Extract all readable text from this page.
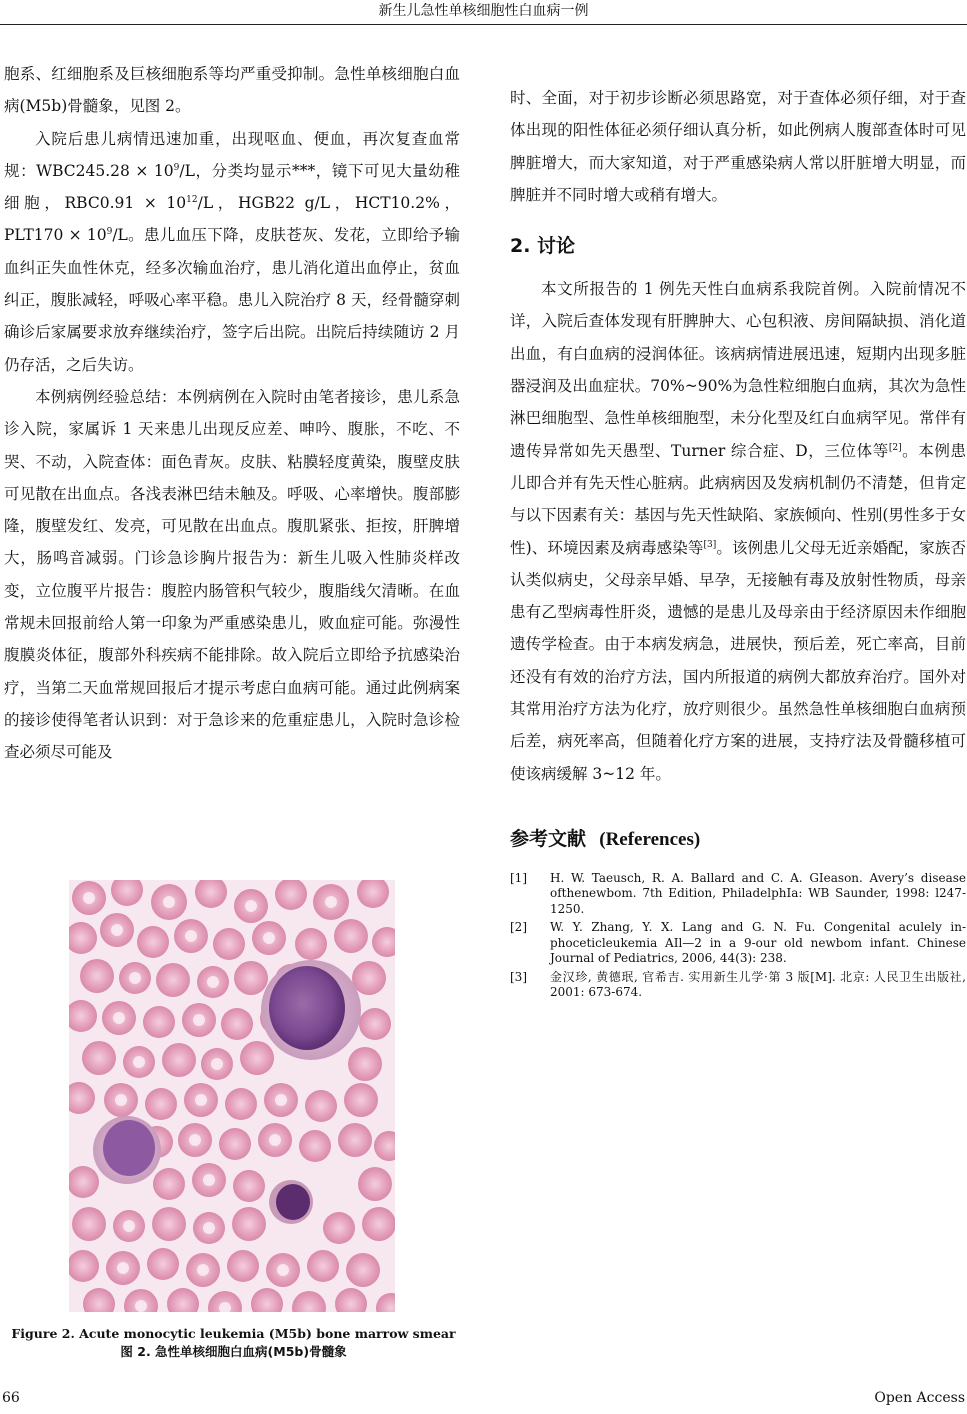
新生儿急性单核细胞性白血病一例

胞系、红细胞系及巨核细胞系等均严重受抑制。急性单核细胞白血病(M5b)骨髓象，见图 2。

入院后患儿病情迅速加重，出现呕血、便血，再次复查血常规：$WBC245.28 \times 10^9/L$，分类均显示***，镜下可见大量幼稚细胞，$RBC0.91 \times 10^{12}/L$，HGB22 g/L，HCT10.2%，$PLT170 \times 10^9/L$。患儿血压下降，皮肤苍灰、发花，立即给予输血纠正失血性休克，经多次输血治疗，患儿消化道出血停止，贫血纠正，腹胀减轻，呼吸心率平稳。患儿入院治疗 8 天，经骨髓穿刺确诊后家属要求放弃继续治疗，签字后出院。出院后持续随访 2 月仍存活，之后失访。

本例病例经验总结：本例病例在入院时由笔者接诊，患儿系急诊入院，家属诉 1 天来患儿出现反应差、呻吟、腹胀，不吃、不哭、不动，入院查体：面色青灰。皮肤、粘膜轻度黄染，腹壁皮肤可见散在出血点。各浅表淋巴结未触及。呼吸、心率增快。腹部膨隆，腹壁发红、发亮，可见散在出血点。腹肌紧张、拒按，肝脾增大，肠鸣音减弱。门诊急诊胸片报告为：新生儿吸入性肺炎样改变，立位腹平片报告：腹腔内肠管积气较少，腹脂线欠清晰。在血常规未回报前给人第一印象为严重感染患儿，败血症可能。弥漫性腹膜炎体征，腹部外科疾病不能排除。故入院后立即给予抗感染治疗，当第二天血常规回报后才提示考虑白血病可能。通过此例病案的接诊使得笔者认识到：对于急诊来的危重症患儿，入院时急诊检查必须尽可能及

Figure 2. Acute monocytic leukemia (M5b) bone marrow smear
图 2. 急性单核细胞白血病(M5b)骨髓象

时、全面，对于初步诊断必须思路宽，对于查体必须仔细，对于查体出现的阳性体征必须仔细认真分析，如此例病人腹部查体时可见脾脏增大，而大家知道，对于严重感染病人常以肝脏增大明显，而脾脏并不同时增大或稍有增大。

2. 讨论

本文所报告的 1 例先天性白血病系我院首例。入院前情况不详，入院后查体发现有肝脾肿大、心包积液、房间隔缺损、消化道出血，有白血病的浸润体征。该病病情进展迅速，短期内出现多脏器浸润及出血症状。70%~90%为急性粒细胞白血病，其次为急性淋巴细胞型、急性单核细胞型，未分化型及红白血病罕见。常伴有遗传异常如先天愚型、Turner 综合症、D，三位体等[2]。本例患儿即合并有先天性心脏病。此病病因及发病机制仍不清楚，但肯定与以下因素有关：基因与先天性缺陷、家族倾向、性别(男性多于女性)、环境因素及病毒感染等[3]。该例患儿父母无近亲婚配，家族否认类似病史，父母亲早婚、早孕，无接触有毒及放射性物质，母亲患有乙型病毒性肝炎，遗憾的是患儿及母亲由于经济原因未作细胞遗传学检查。由于本病发病急，进展快，预后差，死亡率高，目前还没有有效的治疗方法，国内所报道的病例大都放弃治疗。国外对其常用治疗方法为化疗，放疗则很少。虽然急性单核细胞白血病预后差，病死率高，但随着化疗方案的进展，支持疗法及骨髓移植可使该病缓解 3~12 年。

参考文献 (References)
[1]	H. W. Taeusch, R. A. Ballard and C. A. GIeason. Avery’s disease ofthenewbom. 7th Edition, PhiladelphIa: WB Saunder, 1998: l247-1250.
[2]	W. Y. Zhang, Y. X. Lang and G. N. Fu. Congenital aculely in-phoceticleukemia AIl—2 in a 9-our old newbom infant. Chinese Journal of Pediatrics, 2006, 44(3): 238.
[3]	金汉珍, 黄德珉, 官希吉. 实用新生儿学·第 3 版[M]. 北京: 人民卫生出版社, 2001: 673-674.
66	Open Access
